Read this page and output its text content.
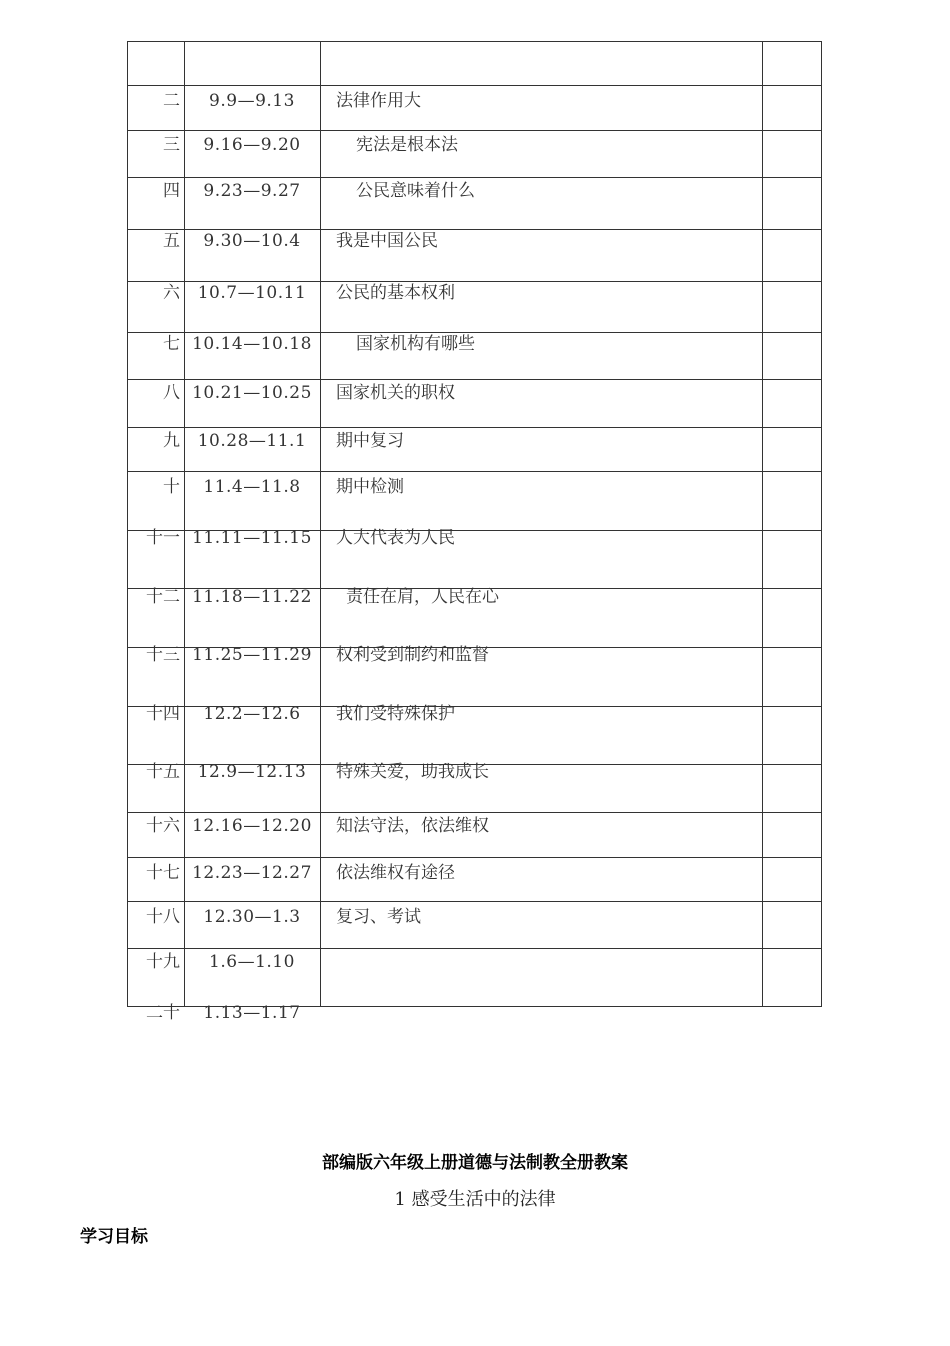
二	9.9—9.13	法律作用大
三	9.16—9.20	宪法是根本法
四	9.23—9.27	公民意味着什么
五	9.30—10.4	我是中国公民
六	10.7—10.11	公民的基本权利
七 10.14—10.18	国家机构有哪些
八 10.21—10.25	国家机关的职权
九	10.28—11.1	期中复习
十	11.4—11.8	期中检测
十一 11.11—11.15	人大代表为人民
十二 11.18—11.22	责任在肩，人民在心
十三 11.25—11.29	权利受到制约和监督
十四	12.2—12.6	我们受特殊保护
十五	12.9—12.13	特殊关爱，助我成长
十六 12.16—12.20	知法守法，依法维权
十七 12.23—12.27	依法维权有途径
十八	12.30—1.3	复习、考试
十九	1.6—1.10
二十	1.13—1.17
部编版六年级上册道德与法制教全册教案
1 感受生活中的法律
学习目标
